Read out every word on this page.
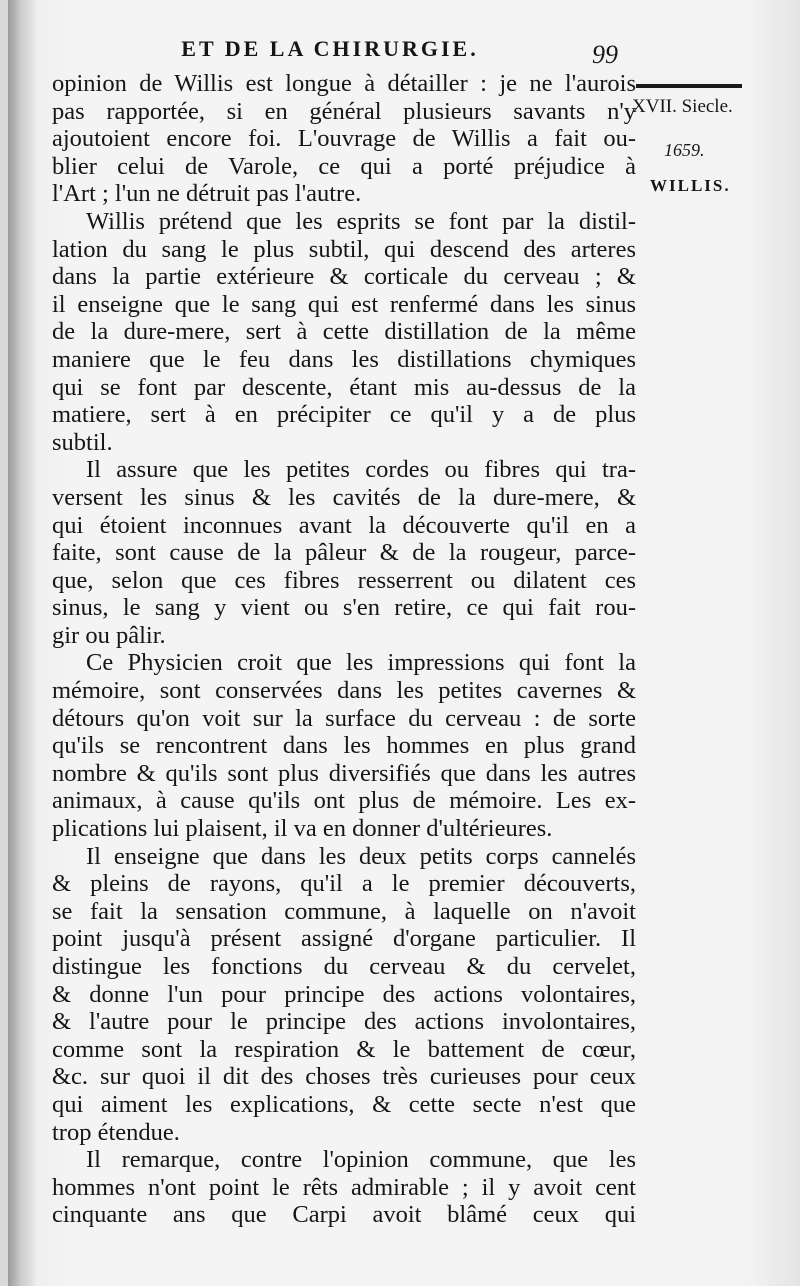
ET DE LA CHIRURGIE.	99
XVII. Siecle.
1659.
WILLIS.
opinion de Willis est longue à détailler : je ne l'aurois
pas rapportée, si en général plusieurs savants n'y
ajoutoient encore foi. L'ouvrage de Willis a fait ou-
blier celui de Varole, ce qui a porté préjudice à
l'Art ; l'un ne détruit pas l'autre.
Willis prétend que les esprits se font par la distil-
lation du sang le plus subtil, qui descend des arteres
dans la partie extérieure & corticale du cerveau ; &
il enseigne que le sang qui est renfermé dans les sinus
de la dure-mere, sert à cette distillation de la même
maniere que le feu dans les distillations chymiques
qui se font par descente, étant mis au-dessus de la
matiere, sert à en précipiter ce qu'il y a de plus
subtil.
Il assure que les petites cordes ou fibres qui tra-
versent les sinus & les cavités de la dure-mere, &
qui étoient inconnues avant la découverte qu'il en a
faite, sont cause de la pâleur & de la rougeur, parce-
que, selon que ces fibres resserrent ou dilatent ces
sinus, le sang y vient ou s'en retire, ce qui fait rou-
gir ou pâlir.
Ce Physicien croit que les impressions qui font la
mémoire, sont conservées dans les petites cavernes &
détours qu'on voit sur la surface du cerveau : de sorte
qu'ils se rencontrent dans les hommes en plus grand
nombre & qu'ils sont plus diversifiés que dans les autres
animaux, à cause qu'ils ont plus de mémoire. Les ex-
plications lui plaisent, il va en donner d'ultérieures.
Il enseigne que dans les deux petits corps cannelés
& pleins de rayons, qu'il a le premier découverts,
se fait la sensation commune, à laquelle on n'avoit
point jusqu'à présent assigné d'organe particulier. Il
distingue les fonctions du cerveau & du cervelet,
& donne l'un pour principe des actions volontaires,
& l'autre pour le principe des actions involontaires,
comme sont la respiration & le battement de cœur,
&c. sur quoi il dit des choses très curieuses pour ceux
qui aiment les explications, & cette secte n'est que
trop étendue.
Il remarque, contre l'opinion commune, que les
hommes n'ont point le rêts admirable ; il y avoit cent
cinquante ans que Carpi avoit blâmé ceux qui
